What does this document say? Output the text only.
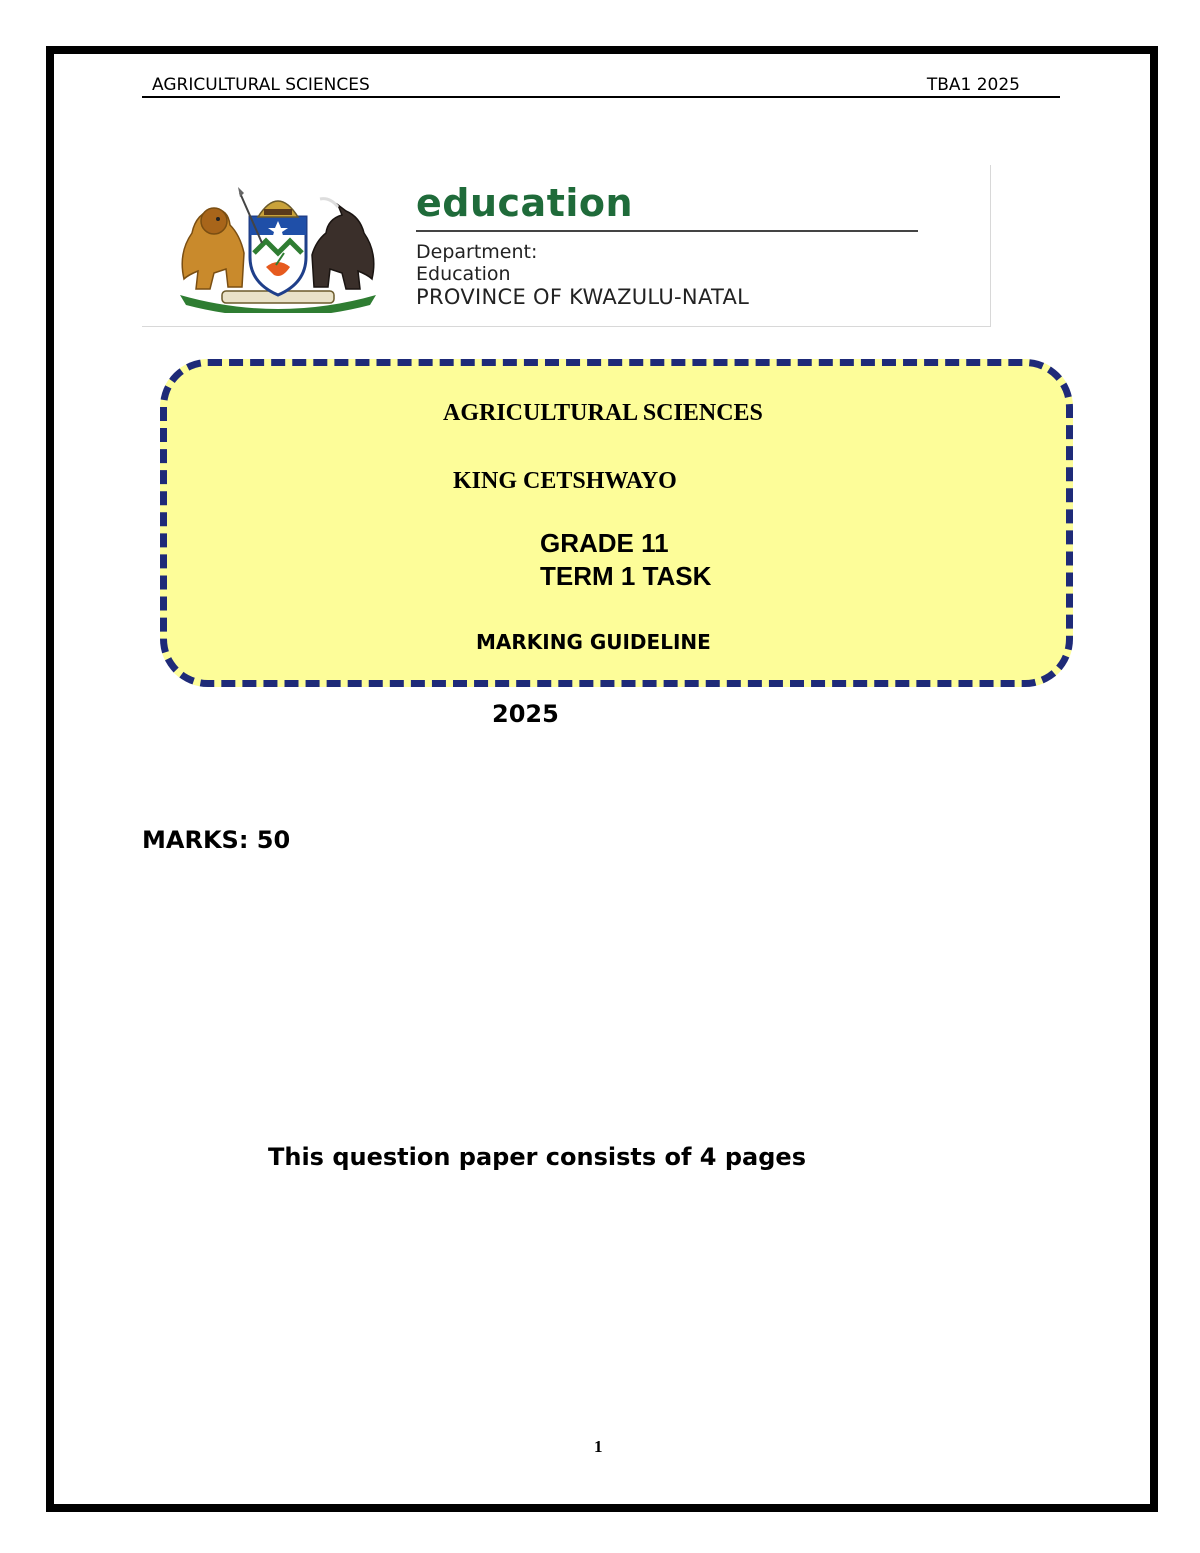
AGRICULTURAL SCIENCES	TBA1 2025
education
Department:
Education
PROVINCE OF KWAZULU-NATAL
AGRICULTURAL SCIENCES
KING CETSHWAYO
GRADE 11
TERM 1 TASK
MARKING GUIDELINE
2025
MARKS: 50
This question paper consists of 4 pages
1
